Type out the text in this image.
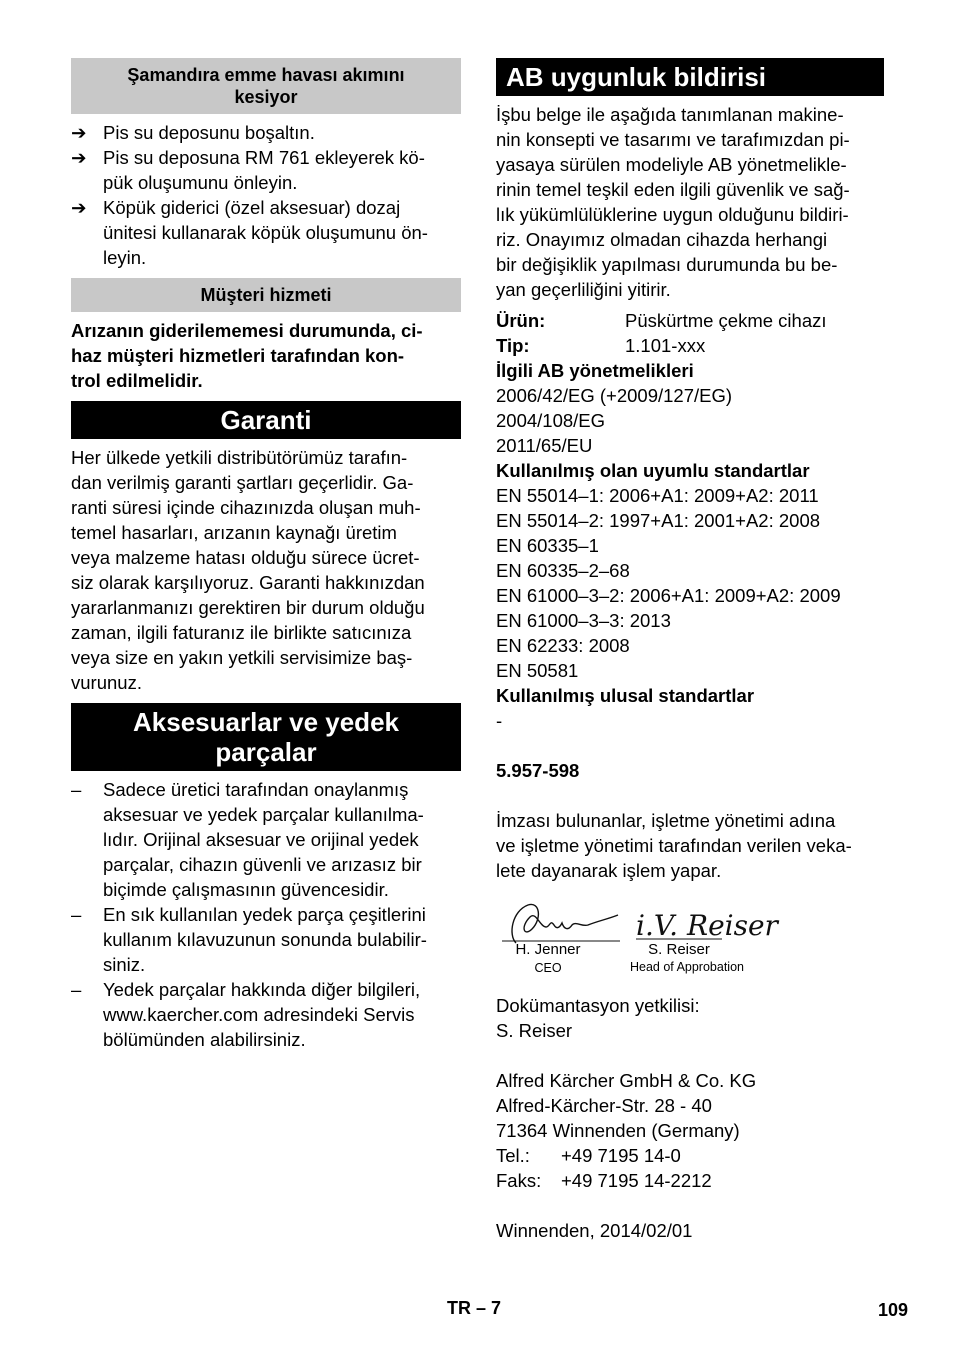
Şamandıra emme havası akımını kesiyor
➔ Pis su deposunu boşaltın.
➔ Pis su deposuna RM 761 ekleyerek kö-
pük oluşumunu önleyin.
➔ Köpük giderici (özel aksesuar) dozaj
ünitesi kullanarak köpük oluşumunu ön-
leyin.
Müşteri hizmeti
Arızanın giderilememesi durumunda, ci-
haz müşteri hizmetleri tarafından kon-
trol edilmelidir.
Garanti
Her ülkede yetkili distribütörümüz tarafın-
dan verilmiş garanti şartları geçerlidir. Ga-
ranti süresi içinde cihazınızda oluşan muh-
temel hasarları, arızanın kaynağı üretim
veya malzeme hatası olduğu sürece ücret-
siz olarak karşılıyoruz. Garanti hakkınızdan
yararlanmanızı gerektiren bir durum olduğu
zaman, ilgili faturanız ile birlikte satıcınıza
veya size en yakın yetkili servisimize baş-
vurunuz.
Aksesuarlar ve yedek
parçalar
–	Sadece üretici tarafından onaylanmış
aksesuar ve yedek parçalar kullanılma-
lıdır. Orijinal aksesuar ve orijinal yedek
parçalar, cihazın güvenli ve arızasız bir
biçimde çalışmasının güvencesidir.
–	En sık kullanılan yedek parça çeşitlerini
kullanım kılavuzunun sonunda bulabilir-
siniz.
–	Yedek parçalar hakkında diğer bilgileri,
www.kaercher.com adresindeki Servis
bölümünden alabilirsiniz.
AB uygunluk bildirisi
İşbu belge ile aşağıda tanımlanan makine-
nin konsepti ve tasarımı ve tarafımızdan pi-
yasaya sürülen modeliyle AB yönetmelikle-
rinin temel teşkil eden ilgili güvenlik ve sağ-
lık yükümlülüklerine uygun olduğunu bildiri-
riz. Onayımız olmadan cihazda herhangi
bir değişiklik yapılması durumunda bu be-
yan geçerliliğini yitirir.
Ürün:	Püskürtme çekme cihazı
Tip:	1.101-xxx
İlgili AB yönetmelikleri
2006/42/EG (+2009/127/EG)
2004/108/EG
2011/65/EU
Kullanılmış olan uyumlu standartlar
EN 55014–1: 2006+A1: 2009+A2: 2011
EN 55014–2: 1997+A1: 2001+A2: 2008
EN 60335–1
EN 60335–2–68
EN 61000–3–2: 2006+A1: 2009+A2: 2009
EN 61000–3–3: 2013
EN 62233: 2008
EN 50581
Kullanılmış ulusal standartlar
-
5.957-598
İmzası bulunanlar, işletme yönetimi adına
ve işletme yönetimi tarafından verilen veka-
lete dayanarak işlem yapar.
i.V. Reiser
H. Jenner
CEO
S. Reiser
Head of Approbation
Dokümantasyon yetkilisi:
S. Reiser
Alfred Kärcher GmbH & Co. KG
Alfred-Kärcher-Str. 28 - 40
71364 Winnenden (Germany)
Tel.:	+49 7195 14-0
Faks:	+49 7195 14-2212
Winnenden, 2014/02/01
TR – 7	109
